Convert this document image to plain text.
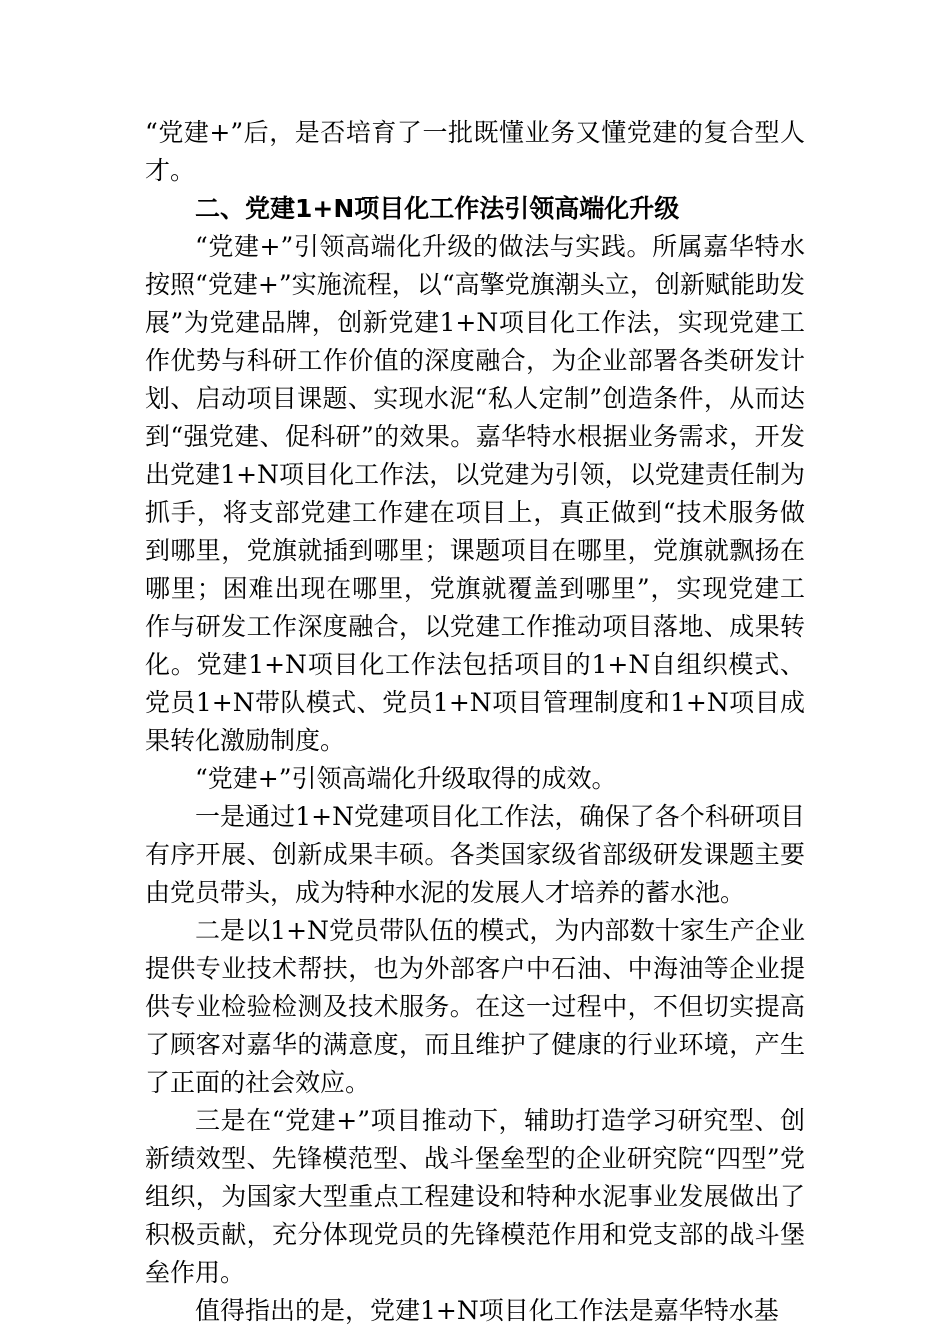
“党建+”后，是否培育了一批既懂业务又懂党建的复合型人才。

二、党建1+N项目化工作法引领高端化升级

“党建+”引领高端化升级的做法与实践。所属嘉华特水按照“党建+”实施流程，以“高擎党旗潮头立，创新赋能助发展”为党建品牌，创新党建1+N项目化工作法，实现党建工作优势与科研工作价值的深度融合，为企业部署各类研发计划、启动项目课题、实现水泥“私人定制”创造条件，从而达到“强党建、促科研”的效果。嘉华特水根据业务需求，开发出党建1+N项目化工作法，以党建为引领，以党建责任制为抓手，将支部党建工作建在项目上，真正做到“技术服务做到哪里，党旗就插到哪里；课题项目在哪里，党旗就飘扬在哪里；困难出现在哪里，党旗就覆盖到哪里”，实现党建工作与研发工作深度融合，以党建工作推动项目落地、成果转化。党建1+N项目化工作法包括项目的1+N自组织模式、党员1+N带队模式、党员1+N项目管理制度和1+N项目成果转化激励制度。

“党建+”引领高端化升级取得的成效。

一是通过1+N党建项目化工作法，确保了各个科研项目有序开展、创新成果丰硕。各类国家级省部级研发课题主要由党员带头，成为特种水泥的发展人才培养的蓄水池。

二是以1+N党员带队伍的模式，为内部数十家生产企业提供专业技术帮扶，也为外部客户中石油、中海油等企业提供专业检验检测及技术服务。在这一过程中，不但切实提高了顾客对嘉华的满意度，而且维护了健康的行业环境，产生了正面的社会效应。

三是在“党建+”项目推动下，辅助打造学习研究型、创新绩效型、先锋模范型、战斗堡垒型的企业研究院“四型”党组织，为国家大型重点工程建设和特种水泥事业发展做出了积极贡献，充分体现党员的先锋模范作用和党支部的战斗堡垒作用。

值得指出的是，党建1+N项目化工作法是嘉华特水基
